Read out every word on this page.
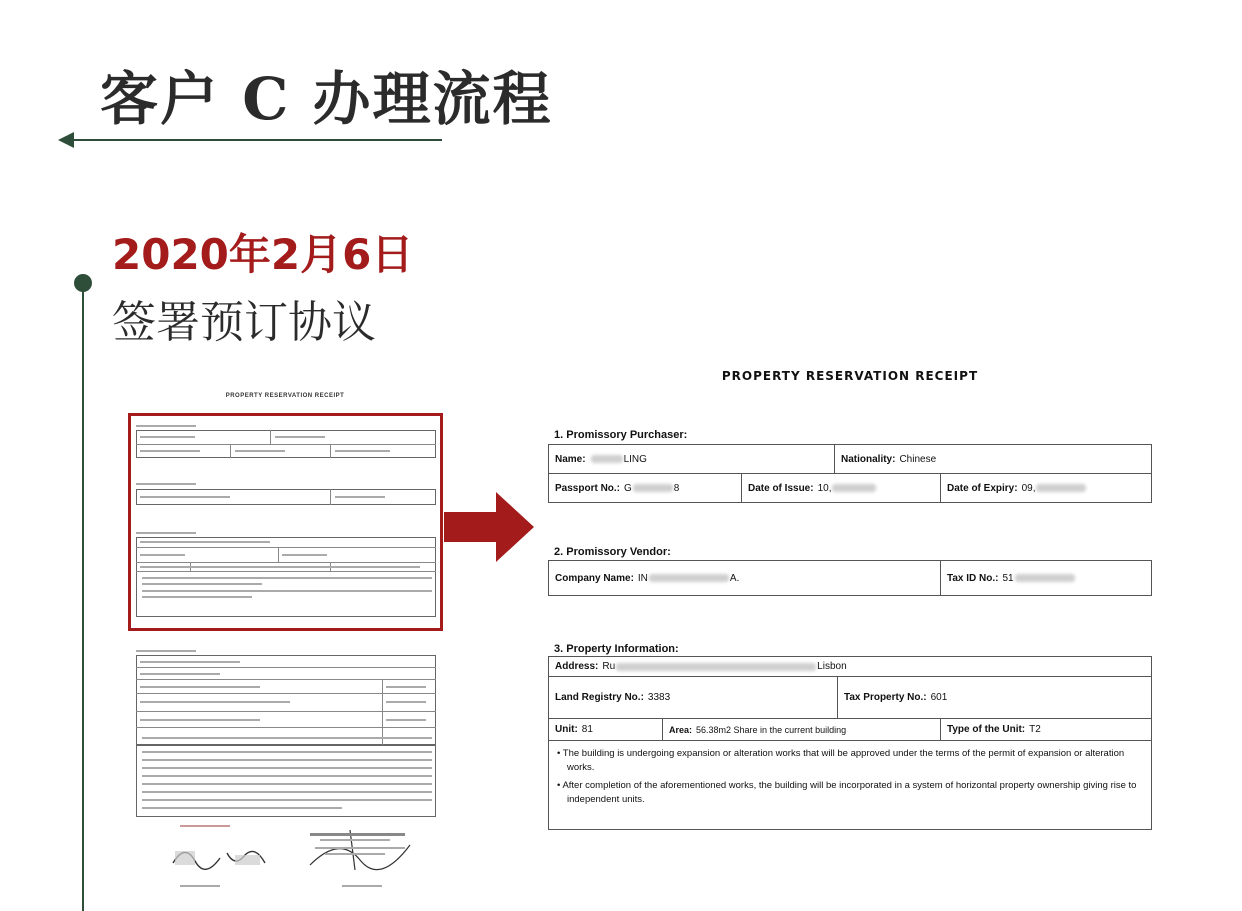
客户 C 办理流程
2020年2月6日
签署预订协议
PROPERTY RESERVATION RECEIPT
PROPERTY RESERVATION RECEIPT
1. Promissory Purchaser:
Name:	LING	Nationality: Chinese
Passport No.: G	8	Date of Issue: 10,	Date of Expiry: 09,
2. Promissory Vendor:
Company Name: IN	A.	Tax ID No.: 51
3. Property Information:
Address: Ru	Lisbon
Land Registry No.: 3383	Tax Property No.: 601
Unit: 81	Area: 56.38m2 Share in the current building	Type of the Unit: T2

• The building is undergoing expansion or alteration works that will be approved under the terms of the permit of expansion or alteration works.

• After completion of the aforementioned works, the building will be incorporated in a system of horizontal property ownership giving rise to independent units.
